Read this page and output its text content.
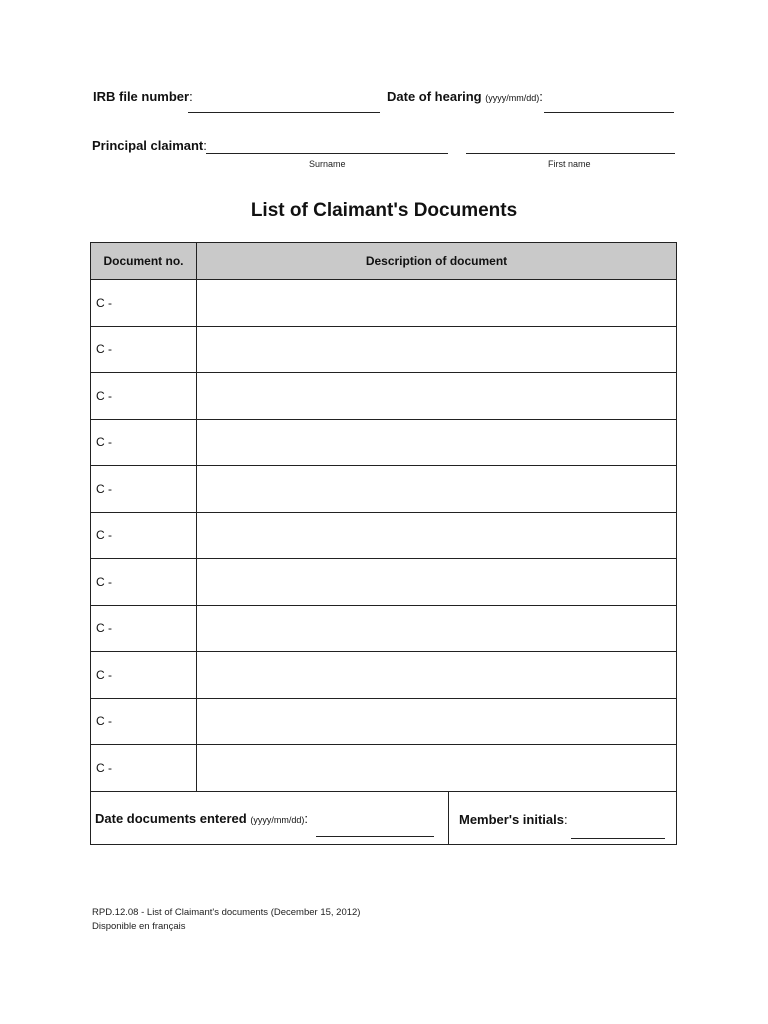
IRB file number:	Date of hearing (yyyy/mm/dd):
Principal claimant:
Surname	First name
List of Claimant's Documents
Document no.	Description of document
C -	
C -	
C -	
C -	
C -	
C -	
C -	
C -	
C -	
C -	
C -	
Date documents entered (yyyy/mm/dd):	Member's initials:
RPD.12.08 - List of Claimant's documents (December 15, 2012)
Disponible en français
